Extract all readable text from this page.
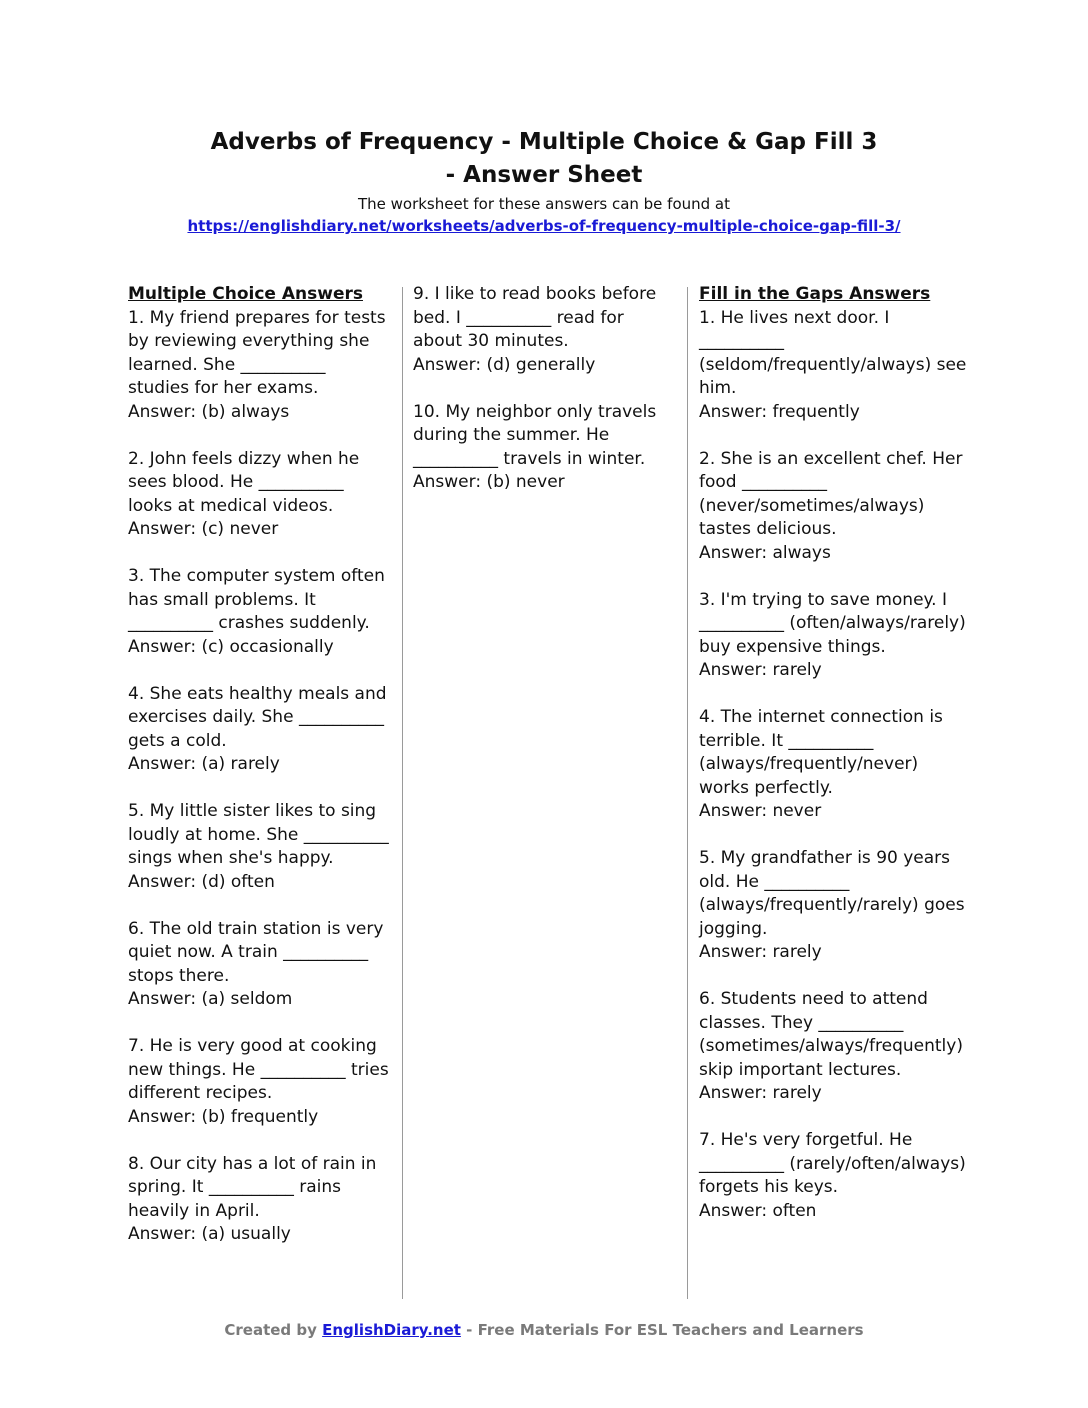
Adverbs of Frequency - Multiple Choice & Gap Fill 3
- Answer Sheet
The worksheet for these answers can be found at
https://englishdiary.net/worksheets/adverbs-of-frequency-multiple-choice-gap-fill-3/
Multiple Choice Answers

1. My friend prepares for tests by reviewing everything she learned. She __________ studies for her exams.

Answer: (b) always

2. John feels dizzy when he sees blood. He __________ looks at medical videos.

Answer: (c) never

3. The computer system often has small problems. It __________ crashes suddenly.

Answer: (c) occasionally

4. She eats healthy meals and exercises daily. She __________ gets a cold.

Answer: (a) rarely

5. My little sister likes to sing loudly at home. She __________ sings when she's happy.

Answer: (d) often

6. The old train station is very quiet now. A train __________ stops there.

Answer: (a) seldom

7. He is very good at cooking new things. He __________ tries different recipes.

Answer: (b) frequently

8. Our city has a lot of rain in spring. It __________ rains heavily in April.

Answer: (a) usually

9. I like to read books before bed. I __________ read for about 30 minutes.

Answer: (d) generally

10. My neighbor only travels during the summer. He __________ travels in winter.

Answer: (b) never

Fill in the Gaps Answers

1. He lives next door. I __________ (seldom/frequently/always) see him.

Answer: frequently

2. She is an excellent chef. Her food __________ (never/sometimes/always) tastes delicious.

Answer: always

3. I'm trying to save money. I __________ (often/always/rarely) buy expensive things.

Answer: rarely

4. The internet connection is terrible. It __________ (always/frequently/never) works perfectly.

Answer: never

5. My grandfather is 90 years old. He __________ (always/frequently/rarely) goes jogging.

Answer: rarely

6. Students need to attend classes. They __________ (sometimes/always/frequently) skip important lectures.

Answer: rarely

7. He's very forgetful. He __________ (rarely/often/always) forgets his keys.

Answer: often

Created by EnglishDiary.net - Free Materials For ESL Teachers and Learners
